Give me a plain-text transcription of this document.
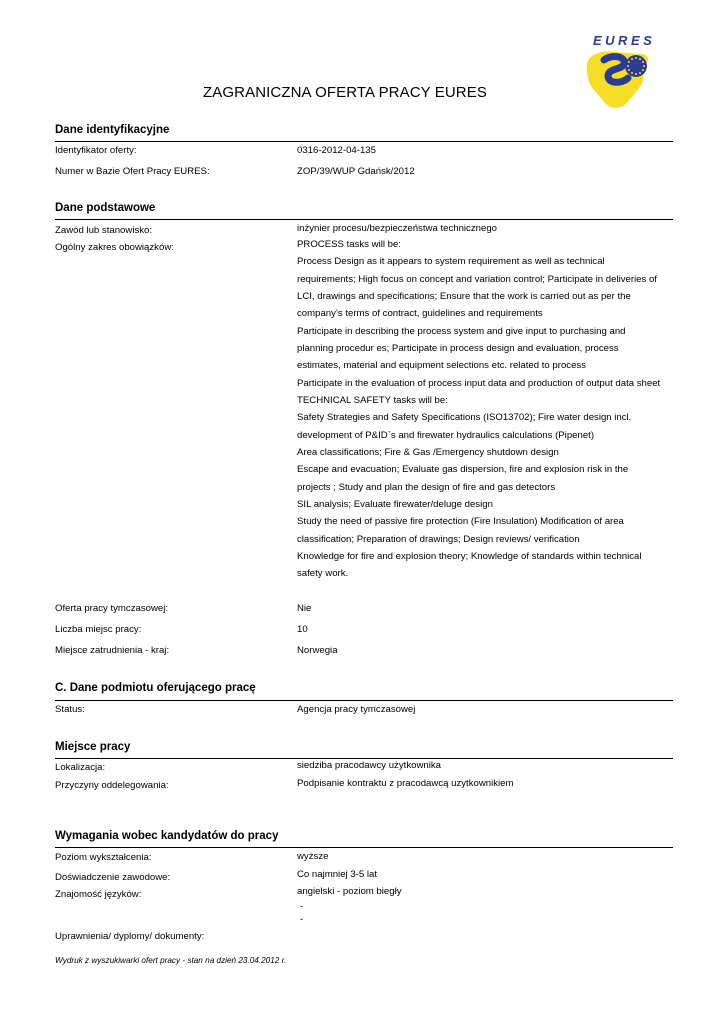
EURES
ZAGRANICZNA OFERTA PRACY EURES
Dane identyfikacyjne
Identyfikator oferty:	0316-2012-04-135
Numer w Bazie Ofert Pracy EURES:	ZOP/39/WUP Gdańsk/2012
Dane podstawowe
Zawód lub stanowisko:	inżynier procesu/bezpieczeństwa technicznego
Ogólny zakres obowiązków:	PROCESS tasks will be:
Process Design as it appears to system requirement as well as technical
requirements; High focus on concept and variation control; Participate in deliveries of
LCI, drawings and specifications; Ensure that the work is carried out as per the
company’s terms of contract, guidelines and requirements
Participate in describing the process system and give input to purchasing and
planning procedur es; Participate in process design and evaluation, process
estimates, material and equipment selections etc. related to process
Participate in the evaluation of process input data and production of output data sheet
TECHNICAL SAFETY tasks will be:
Safety Strategies and Safety Specifications (ISO13702); Fire water design incl.
development of P&ID`s and firewater hydraulics calculations (Pipenet)
Area classifications; Fire & Gas /Emergency shutdown design
Escape and evacuation; Evaluate gas dispersion, fire and explosion risk in the
projects ; Study and plan the design of fire and gas detectors
SIL analysis; Evaluate firewater/deluge design
Study the need of passive fire protection (Fire Insulation) Modification of area
classification; Preparation of drawings; Design reviews/ verification
Knowledge for fire and explosion theory; Knowledge of standards within technical
safety work.
Oferta pracy tymczasowej:	Nie
Liczba miejsc pracy:	10
Miejsce zatrudnienia - kraj:	Norwegia
C. Dane podmiotu oferującego pracę
Status:	Agencja pracy tymczasowej
Miejsce pracy
Lokalizacja:	siedziba pracodawcy użytkownika
Przyczyny oddelegowania:	Podpisanie kontraktu z pracodawcą uzytkownikiem
Wymagania wobec kandydatów do pracy
Poziom wykształcenia:	wyższe
Doświadczenie zawodowe:	Co najmniej 3-5 lat
Znajomość języków:	angielski - poziom biegły
-
-
Uprawnienia/ dyplomy/ dokumenty:
Wydruk z wyszukiwarki ofert pracy - stan na dzień 23.04.2012 r.
